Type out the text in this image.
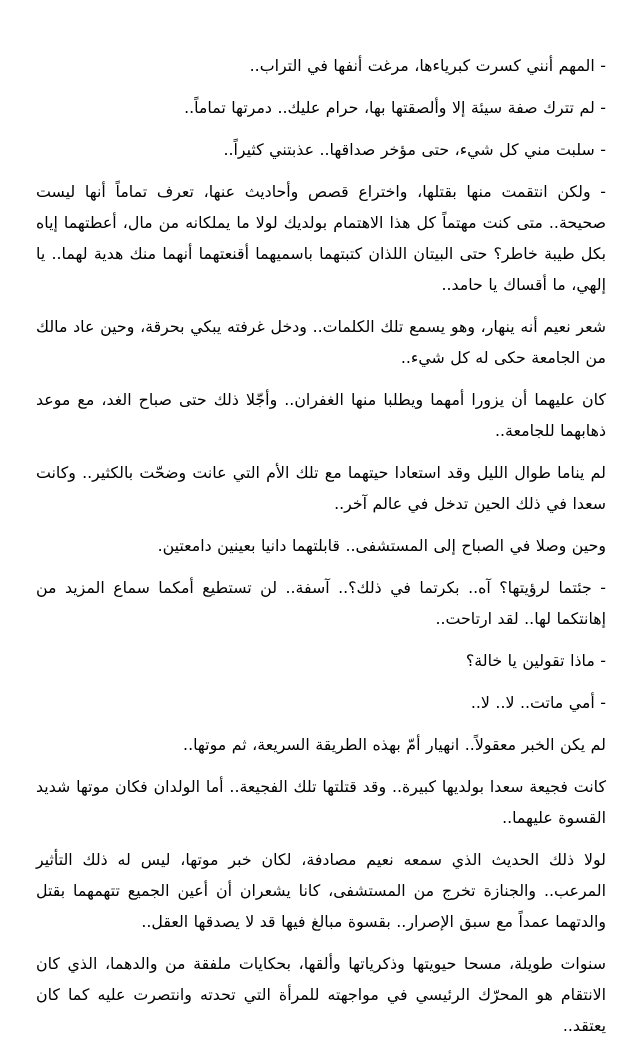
- المهم أنني كسرت كبرياءها، مرغت أنفها في التراب..

- لم تترك صفة سيئة إلا وألصقتها بها، حرام عليك.. دمرتها تماماً..

- سلبت مني كل شيء، حتى مؤخر صداقها.. عذبتني كثيراً..

- ولكن انتقمت منها بقتلها، واختراع قصص وأحاديث عنها، تعرف تماماً أنها ليست صحيحة.. متى كنت مهتماً كل هذا الاهتمام بولديك لولا ما يملكانه من مال، أعطتهما إياه بكل طيبة خاطر؟ حتى البيتان اللذان كتبتهما باسميهما أقنعتهما أنهما منك هدية لهما.. يا إلهي، ما أقساك يا حامد..

شعر نعيم أنه ينهار، وهو يسمع تلك الكلمات.. ودخل غرفته يبكي بحرقة، وحين عاد مالك من الجامعة حكى له كل شيء..

كان عليهما أن يزورا أمهما ويطلبا منها الغفران.. وأجّلا ذلك حتى صباح الغد، مع موعد ذهابهما للجامعة..

لم يناما طوال الليل وقد استعادا حيتهما مع تلك الأم التي عانت وضحّت بالكثير.. وكانت سعدا في ذلك الحين تدخل في عالم آخر..

وحين وصلا في الصباح إلى المستشفى.. قابلتهما دانيا بعينين دامعتين.

- جئتما لرؤيتها؟ آه.. بكرتما في ذلك؟.. آسفة.. لن تستطيع أمكما سماع المزيد من إهانتكما لها.. لقد ارتاحت..

- ماذا تقولين يا خالة؟

- أمي ماتت.. لا.. لا..

لم يكن الخبر معقولاً.. انهيار أمّ بهذه الطريقة السريعة، ثم موتها..

كانت فجيعة سعدا بولديها كبيرة.. وقد قتلتها تلك الفجيعة.. أما الولدان فكان موتها شديد القسوة عليهما..

لولا ذلك الحديث الذي سمعه نعيم مصادفة، لكان خبر موتها، ليس له ذلك التأثير المرعب.. والجنازة تخرج من المستشفى، كانا يشعران أن أعين الجميع تتهمهما بقتل والدتهما عمداً مع سبق الإصرار.. بقسوة مبالغ فيها قد لا يصدقها العقل..

سنوات طويلة، مسحا حيويتها وذكرياتها وألقها، بحكايات ملفقة من والدهما، الذي كان الانتقام هو المحرّك الرئيسي في مواجهته للمرأة التي تحدته وانتصرت عليه كما كان يعتقد..
